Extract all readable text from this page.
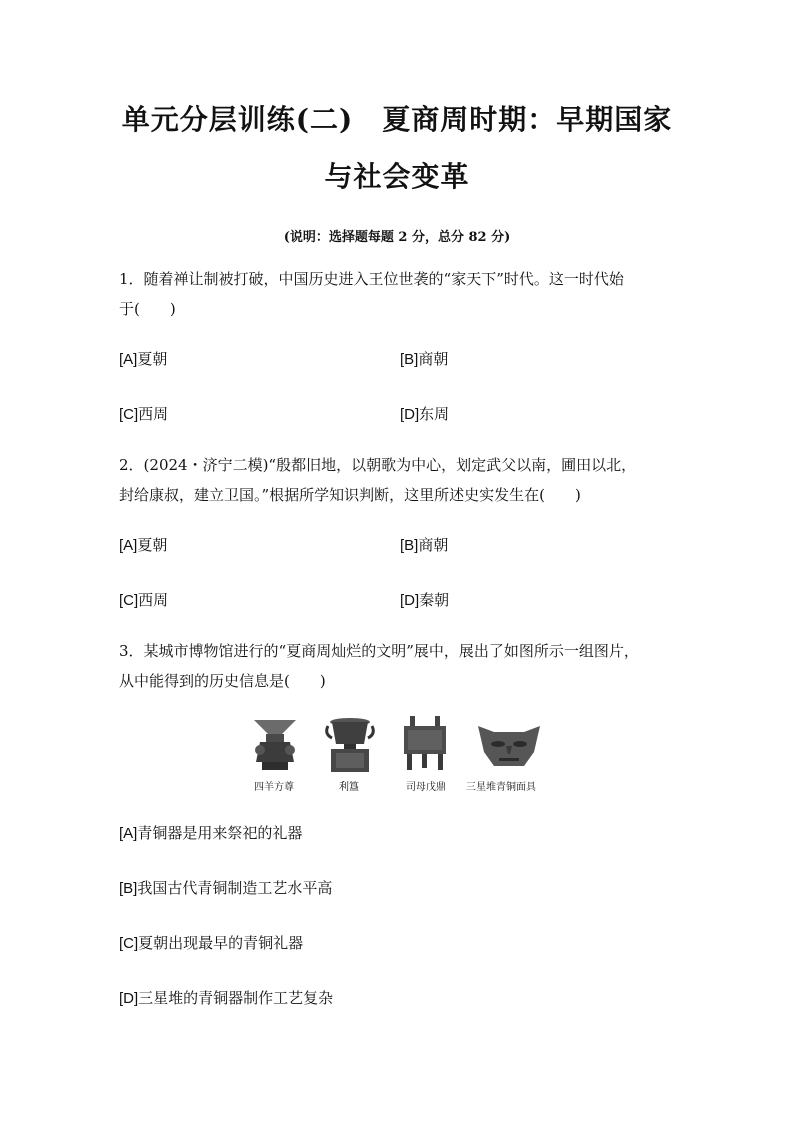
单元分层训练(二)　夏商周时期：早期国家
与社会变革
(说明：选择题每题 2 分，总分 82 分)
1．随着禅让制被打破，中国历史进入王位世袭的“家天下”时代。这一时代始
于(　　)
[A]夏朝	[B]商朝
[C]西周	[D]东周
2．(2024・济宁二模)“殷都旧地，以朝歌为中心，划定武父以南，圃田以北，
封给康叔，建立卫国。”根据所学知识判断，这里所述史实发生在(　　)
[A]夏朝	[B]商朝
[C]西周	[D]秦朝
3．某城市博物馆进行的“夏商周灿烂的文明”展中，展出了如图所示一组图片，
从中能得到的历史信息是(　　)
四羊方尊	利簋	司母戊鼎 三星堆青铜面具
[A]青铜器是用来祭祀的礼器
[B]我国古代青铜制造工艺水平高
[C]夏朝出现最早的青铜礼器
[D]三星堆的青铜器制作工艺复杂
